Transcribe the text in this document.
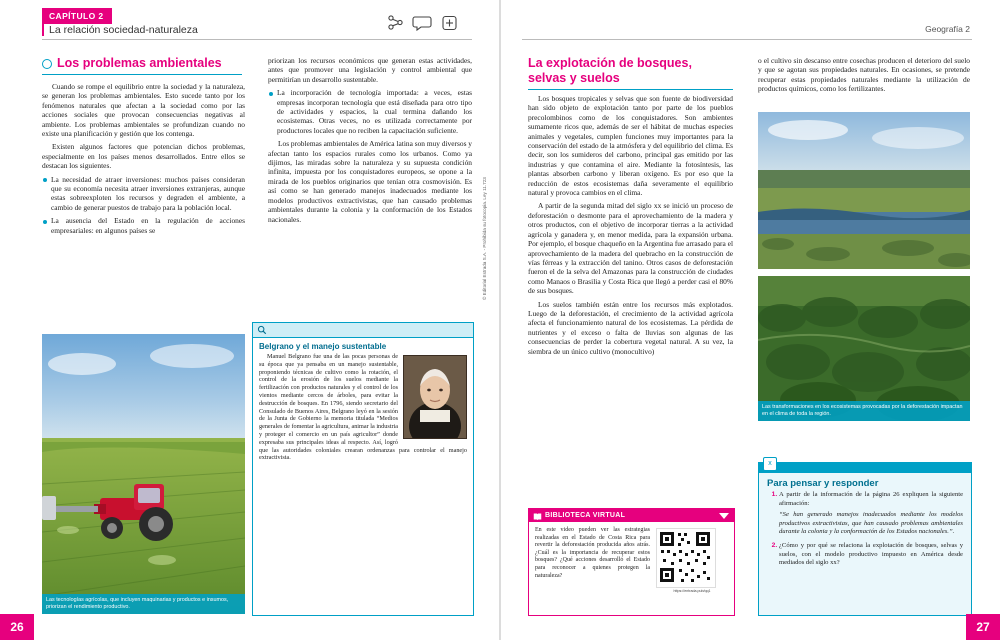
CAPÍTULO 2
La relación sociedad-naturaleza	Geografía 2
Los problemas ambientales

Cuando se rompe el equilibrio entre la sociedad y la naturaleza, se generan los problemas ambientales. Esto sucede tanto por los fenómenos naturales que afectan a la sociedad como por las acciones sociales que provocan consecuencias negativas al ambiente. Los problemas ambientales se profundizan cuando no existe una planificación y gestión que los contenga.

Existen algunos factores que potencian dichos problemas, especialmente en los países menos desarrollados. Entre ellos se destacan los siguientes.

La necesidad de atraer inversiones: muchos países consideran que su economía necesita atraer inversiones extranjeras, aunque estas sobreexploten los recursos y degraden el ambiente, a cambio de generar puestos de trabajo para la población local.
La ausencia del Estado en la regulación de acciones empresariales: en algunos países se

priorizan los recursos económicos que generan estas actividades, antes que promover una legislación y control ambiental que permitirían un desarrollo sustentable.

La incorporación de tecnología importada: a veces, estas empresas incorporan tecnología que está diseñada para otro tipo de actividades y espacios, la cual termina dañando los ecosistemas. Otras veces, no es utilizada correctamente por productores locales que no reciben la capacitación suficiente.

Los problemas ambientales de América latina son muy diversos y afectan tanto los espacios rurales como los urbanos. Como ya dijimos, las miradas sobre la naturaleza y su supuesta condición infinita, impuesta por los conquistadores europeos, se opone a la mirada de los pueblos originarios que tenían otra cosmovisión. Es así como se han generado manejos inadecuados mediante los modelos productivos extractivistas, que han causado problemas ambientales durante la colonia y la conformación de los Estados nacionales.

Las tecnologías agrícolas, que incluyen maquinarias y productos e insumos, priorizan el rendimiento productivo.
Belgrano y el manejo sustentable

Manuel Belgrano fue una de las pocas personas de su época que ya pensaba en un manejo sustentable, proponiendo técnicas de cultivo como la rotación, el control de la erosión de los suelos mediante la fertilización con productos naturales y el control de los vientos mediante cercos de árboles, para evitar la destrucción de bosques. En 1796, siendo secretario del Consulado de Buenos Aires, Belgrano leyó en la sesión de la Junta de Gobierno la memoria titulada “Medios generales de fomentar la agricultura, animar la industria y proteger el comercio en un país agricultor” donde expresaba sus principales ideas al respecto. Así, logró que las autoridades coloniales crearan ordenanzas para controlar el manejo extractivista.

© Editorial Estrada S.A. - Prohibida su fotocopia. Ley 11.723
26
La explotación de bosques, selvas y suelos

Los bosques tropicales y selvas que son fuente de biodiversidad han sido objeto de explotación tanto por parte de los pueblos precolombinos como de los conquistadores. Son ambientes sumamente ricos que, además de ser el hábitat de muchas especies animales y vegetales, cumplen funciones muy importantes para la conservación del estado de la atmósfera y del equilibrio del clima. Es decir, son los sumideros del carbono, principal gas emitido por las industrias y que contamina el aire. Mediante la fotosíntesis, las plantas absorben carbono y liberan oxígeno. Es por eso que la reducción de estos ecosistemas daña severamente el equilibrio natural y provoca cambios en el clima.

A partir de la segunda mitad del siglo xx se inició un proceso de deforestación o desmonte para el aprovechamiento de la madera y otros productos, con el objetivo de incorporar tierras a la actividad agrícola y ganadera y, en menor medida, para la expansión urbana. Por ejemplo, el bosque chaqueño en la Argentina fue arrasado para el aprovechamiento de la madera del quebracho en la construcción de vías férreas y la extracción del tanino. Otros casos de deforestación fueron el de la selva del Amazonas para la construcción de ciudades como Manaos o Brasilia y Costa Rica que llegó a perder casi el 80% de sus bosques.

Los suelos también están entre los recursos más explotados. Luego de la deforestación, el crecimiento de la actividad agrícola afecta el funcionamiento natural de los ecosistemas. La pérdida de nutrientes y el exceso o falta de lluvias son algunas de las consecuencias de perder la cobertura vegetal natural. A su vez, la siembra de un único cultivo (monocultivo)

o el cultivo sin descanso entre cosechas producen el deterioro del suelo y que se agotan sus propiedades naturales. En ocasiones, se pretende recuperar estas propiedades naturales mediante la utilización de productos químicos, como los fertilizantes.

Las transformaciones en los ecosistemas provocadas por la deforestación impactan en el clima de toda la región.
BIBLIOTECA VIRTUAL
En este video pueden ver las estrategias realizadas en el Estado de Costa Rica para revertir la deforestación producida años atrás. ¿Cuál es la importancia de recuperar estos bosques? ¿Qué acciones desarrolló el Estado para reconocer a quienes protegen la naturaleza?
https://entrada.pub/qq1
x
Para pensar y responder
1. A partir de la información de la página 26 expliquen la siguiente afirmación:
“Se han generado manejos inadecuados mediante los modelos productivos extractivistas, que han causado problemas ambientales durante la colonia y la conformación de los Estados nacionales.”.
2. ¿Cómo y por qué se relaciona la explotación de bosques, selvas y suelos, con el modelo productivo impuesto en América desde mediados del siglo xx?
27
